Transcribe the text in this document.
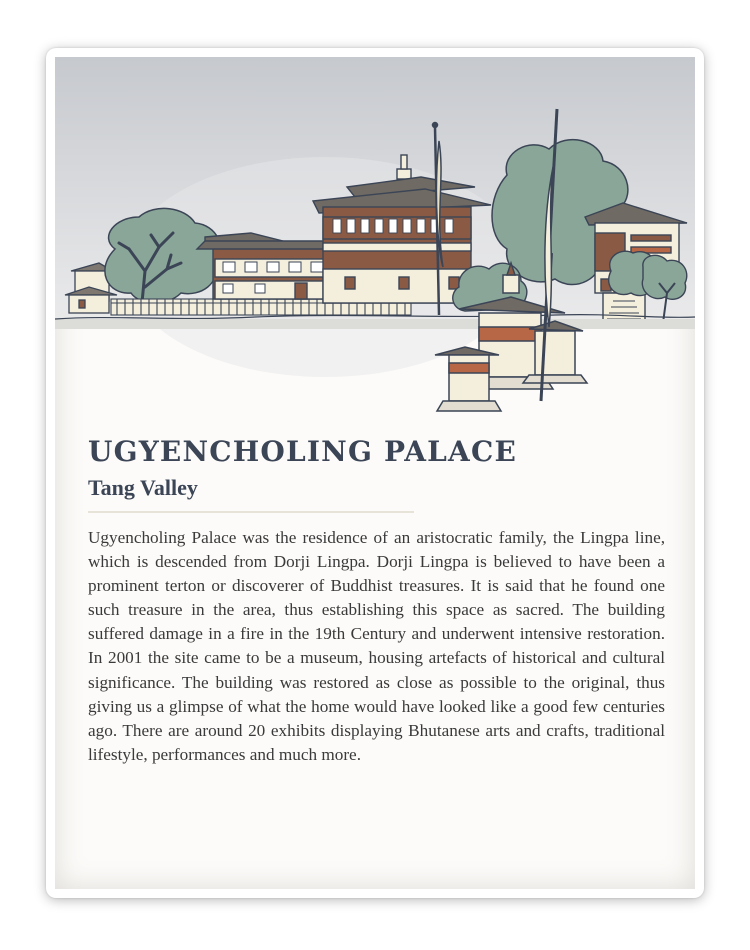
UGYENCHOLING PALACE
Tang Valley

Ugyencholing Palace was the residence of an aristocratic family, the Lingpa line, which is descended from Dorji Lingpa. Dorji Lingpa is believed to have been a prominent terton or discoverer of Buddhist treasures. It is said that he found one such treasure in the area, thus establishing this space as sacred. The building suffered damage in a fire in the 19th Century and underwent intensive restoration. In 2001 the site came to be a museum, housing artefacts of historical and cultural significance. The building was restored as close as possible to the original, thus giving us a glimpse of what the home would have looked like a good few centuries ago. There are around 20 exhibits displaying Bhutanese arts and crafts, traditional lifestyle, performances and much more.
